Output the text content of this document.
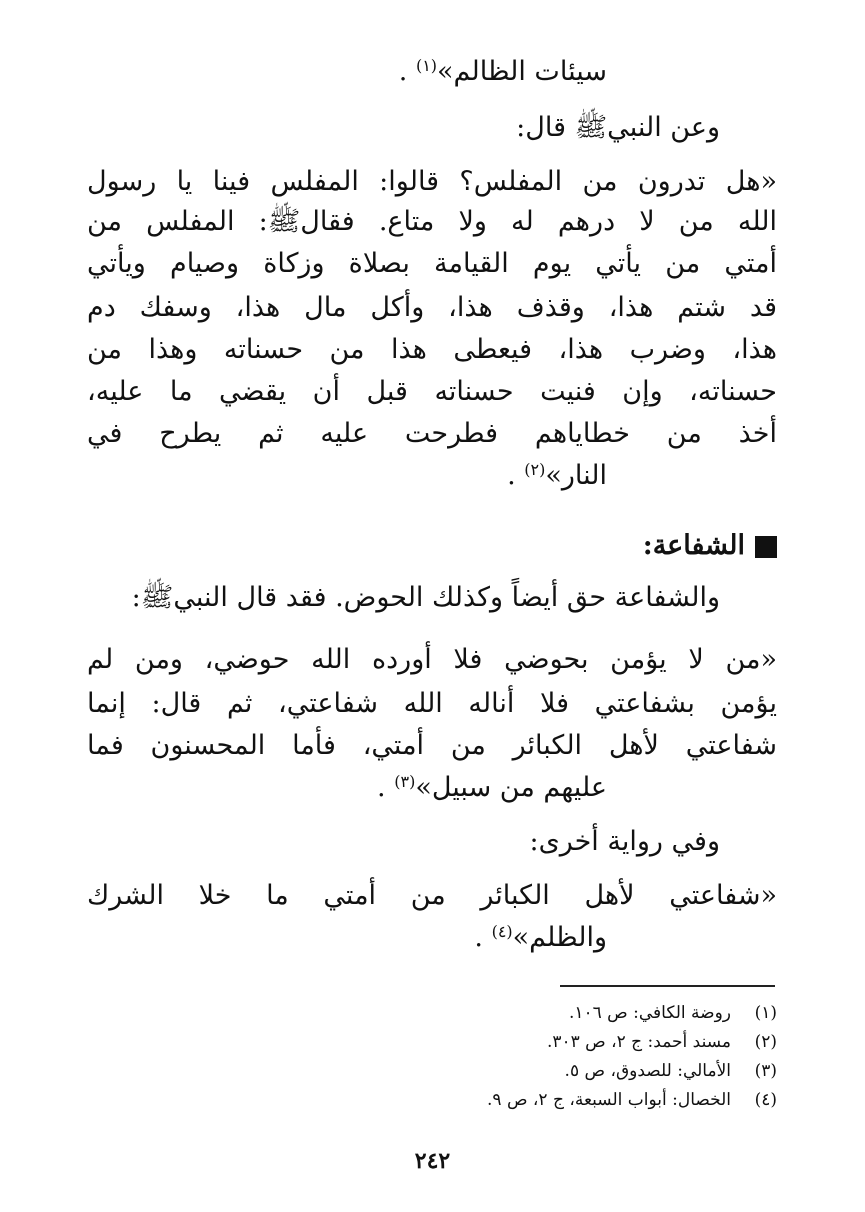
سيئات الظالم»$^{(١)}$ .
وعن النبيﷺ قال:
«هل تدرون من المفلس؟ قالوا: المفلس فينا يا رسول
الله من لا درهم له ولا متاع. فقالﷺ: المفلس من
أمتي من يأتي يوم القيامة بصلاة وزكاة وصيام ويأتي
قد شتم هذا، وقذف هذا، وأكل مال هذا، وسفك دم
هذا، وضرب هذا، فيعطى هذا من حسناته وهذا من
حسناته، وإن فنيت حسناته قبل أن يقضي ما عليه،
أخذ من خطاياهم فطرحت عليه ثم يطرح في
النار»$^{(٢)}$ .
الشفاعة:
والشفاعة حق أيضاً وكذلك الحوض. فقد قال النبيﷺ:
«من لا يؤمن بحوضي فلا أورده الله حوضي، ومن لم
يؤمن بشفاعتي فلا أناله الله شفاعتي، ثم قال: إنما
شفاعتي لأهل الكبائر من أمتي، فأما المحسنون فما
عليهم من سبيل»$^{(٣)}$ .
وفي رواية أخرى:
«شفاعتي لأهل الكبائر من أمتي ما خلا الشرك
والظلم»$^{(٤)}$ .
(١)روضة الكافي: ص ١٠٦.
(٢)مسند أحمد: ج ٢، ص ٣٠٣.
(٣)الأمالي: للصدوق، ص ٥.
(٤)الخصال: أبواب السبعة، ج ٢، ص ٩.
٢٤٢
